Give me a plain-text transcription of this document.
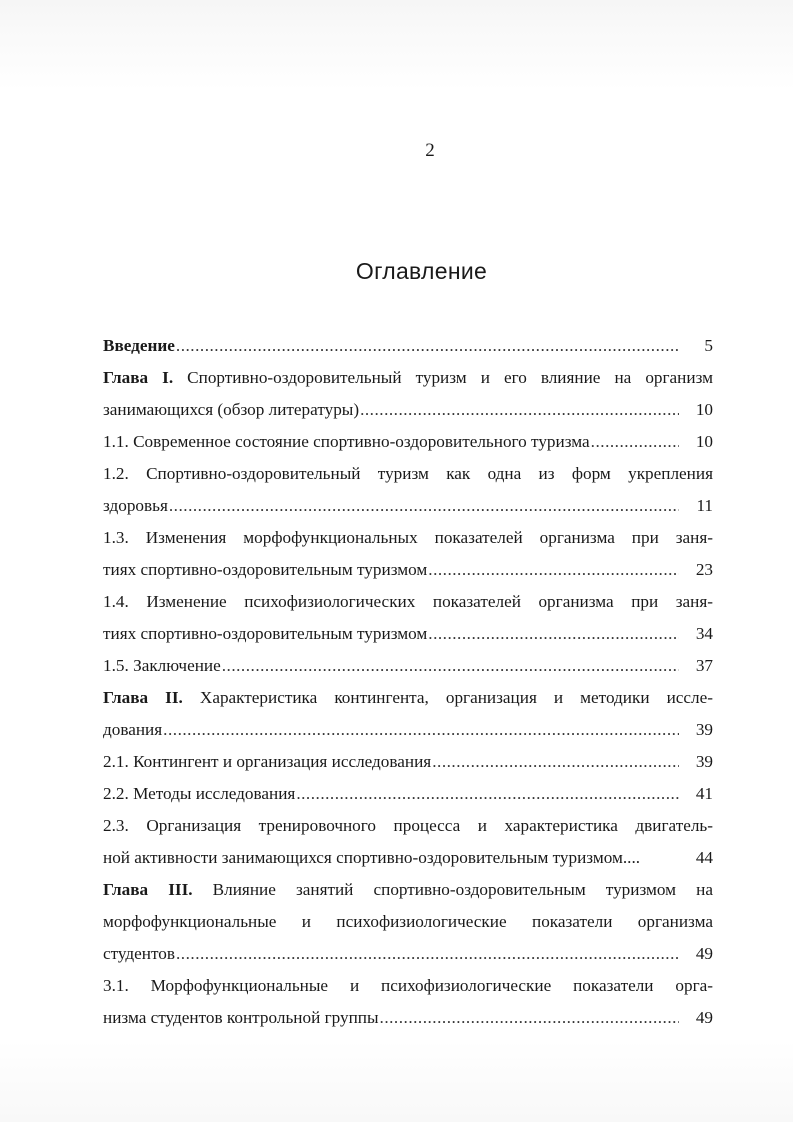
2
Оглавление
Введение .....	5
Глава I. Спортивно-оздоровительный туризм и его влияние на организм
занимающихся (обзор литературы) .....	10
1.1. Современное состояние спортивно-оздоровительного туризма .....	10
1.2. Спортивно-оздоровительный туризм как одна из форм укрепления
здоровья .....	11
1.3. Изменения морфофункциональных показателей организма при заня-
тиях спортивно-оздоровительным туризмом .....	23
1.4. Изменение психофизиологических показателей организма при заня-
тиях спортивно-оздоровительным туризмом .....	34
1.5. Заключение .....	37
Глава II. Характеристика контингента, организация и методики иссле-
дования .....	39
2.1. Контингент и организация исследования .....	39
2.2. Методы исследования .....	41
2.3. Организация тренировочного процесса и характеристика двигатель-
ной активности занимающихся спортивно-оздоровительным туризмом....	44
Глава III. Влияние занятий спортивно-оздоровительным туризмом на
морфофункциональные и психофизиологические показатели организма
студентов .....	49
3.1. Морфофункциональные и психофизиологические показатели орга-
низма студентов контрольной группы .....	49
